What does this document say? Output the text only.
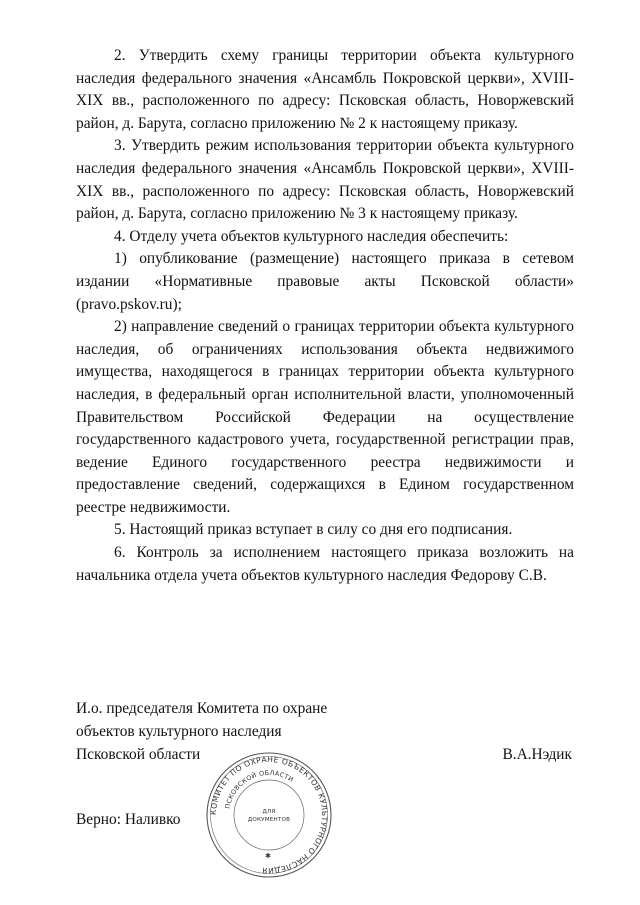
2. Утвердить схему границы территории объекта культурного наследия федерального значения «Ансамбль Покровской церкви», XVIII-XIX вв., расположенного по адресу: Псковская область, Новоржевский район, д. Барута, согласно приложению № 2 к настоящему приказу.

3. Утвердить режим использования территории объекта культурного наследия федерального значения «Ансамбль Покровской церкви», XVIII-XIX вв., расположенного по адресу: Псковская область, Новоржевский район, д. Барута, согласно приложению № 3 к настоящему приказу.

4. Отделу учета объектов культурного наследия обеспечить:

1) опубликование (размещение) настоящего приказа в сетевом издании «Нормативные правовые акты Псковской области» (pravo.pskov.ru);

2) направление сведений о границах территории объекта культурного наследия, об ограничениях использования объекта недвижимого имущества, находящегося в границах территории объекта культурного наследия, в федеральный орган исполнительной власти, уполномоченный Правительством Российской Федерации на осуществление государственного кадастрового учета, государственной регистрации прав, ведение Единого государственного реестра недвижимости и предоставление сведений, содержащихся в Едином государственном реестре недвижимости.

5. Настоящий приказ вступает в силу со дня его подписания.

6. Контроль за исполнением настоящего приказа возложить на начальника отдела учета объектов культурного наследия Федорову С.В.

И.о. председателя Комитета по охране
объектов культурного наследия
Псковской области	В.А.Нэдик
Верно: Наливко	КОМИТЕТ ПО ОХРАНЕ ОБЪЕКТОВ КУЛЬТУРНОГО НАСЛЕДИЯ
ПСКОВСКОЙ ОБЛАСТИ
ДЛЯ
ДОКУМЕНТОВ
✱
